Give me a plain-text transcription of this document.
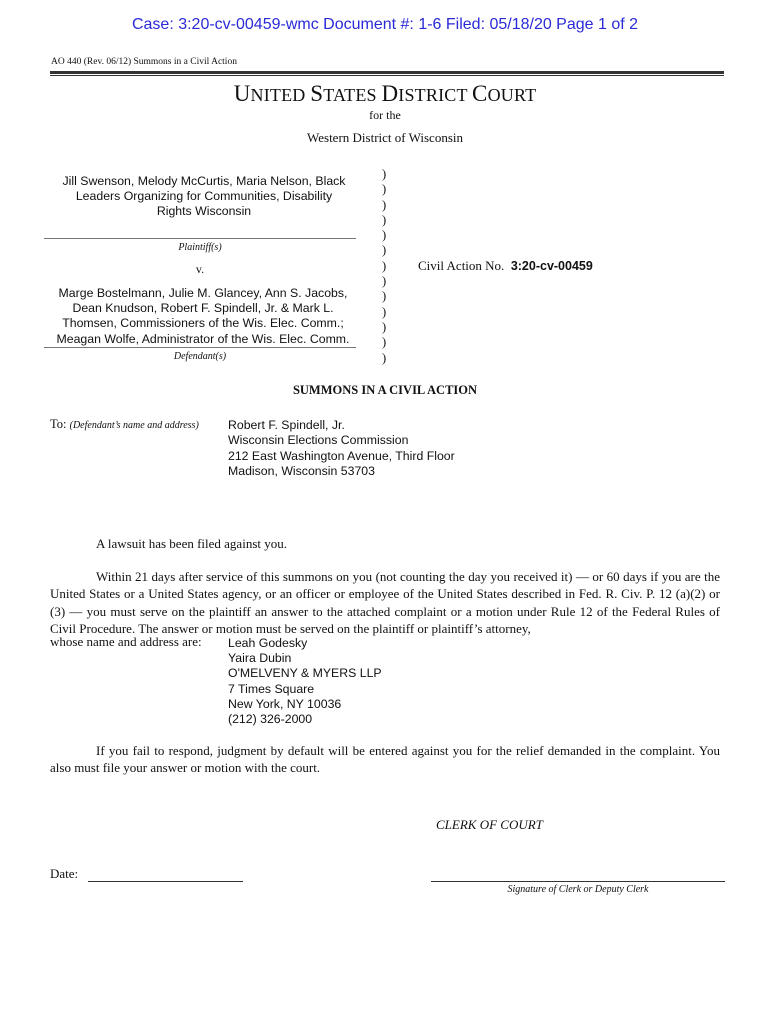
Case: 3:20-cv-00459-wmc Document #: 1-6 Filed: 05/18/20 Page 1 of 2
AO 440 (Rev. 06/12) Summons in a Civil Action
UNITED STATES DISTRICT COURT
for the
Western District of Wisconsin
Jill Swenson, Melody McCurtis, Maria Nelson, Black
Leaders Organizing for Communities, Disability
Rights Wisconsin
Plaintiff(s)
v.
Marge Bostelmann, Julie M. Glancey, Ann S. Jacobs,
Dean Knudson, Robert F. Spindell, Jr. & Mark L.
Thomsen, Commissioners of the Wis. Elec. Comm.;
Meagan Wolfe, Administrator of the Wis. Elec. Comm.
Defendant(s)
)
)
)
)
)
)
)
)
)
)
)
)
)
Civil Action No. 3:20-cv-00459
SUMMONS IN A CIVIL ACTION
To: (Defendant’s name and address) Robert F. Spindell, Jr.
Wisconsin Elections Commission
212 East Washington Avenue, Third Floor
Madison, Wisconsin 53703
A lawsuit has been filed against you.
Within 21 days after service of this summons on you (not counting the day you received it) — or 60 days if you are the United States or a United States agency, or an officer or employee of the United States described in Fed. R. Civ. P. 12 (a)(2) or (3) — you must serve on the plaintiff an answer to the attached complaint or a motion under Rule 12 of the Federal Rules of Civil Procedure. The answer or motion must be served on the plaintiff or plaintiff’s attorney,
whose name and address are: Leah Godesky
Yaira Dubin
O'MELVENY & MYERS LLP
7 Times Square
New York, NY 10036
(212) 326-2000
If you fail to respond, judgment by default will be entered against you for the relief demanded in the complaint. You also must file your answer or motion with the court.
CLERK OF COURT
Date:
Signature of Clerk or Deputy Clerk
